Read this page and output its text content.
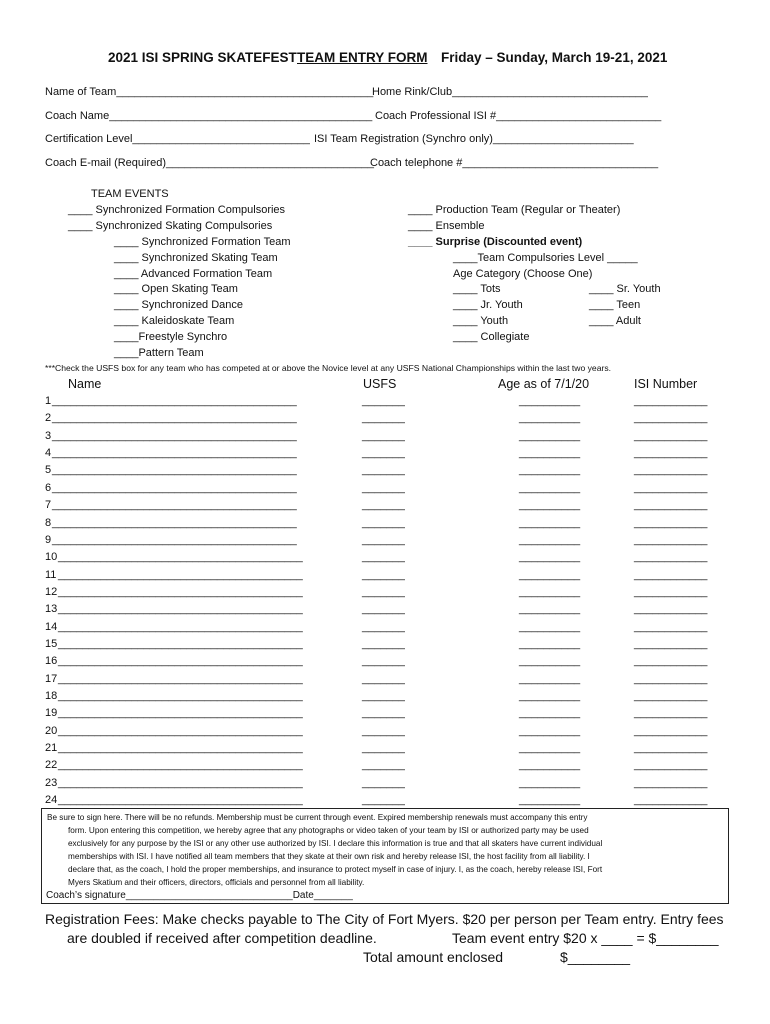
2021 ISI SPRING SKATEFEST TEAM ENTRY FORM Friday – Sunday, March 19-21, 2021
Name of Team__________________________________________
Home Rink/Club________________________________
Coach Name___________________________________________ Coach Professional ISI #___________________________
Certification Level_____________________________ ISI Team Registration (Synchro only)_______________________
Coach E-mail (Required)__________________________________
Coach telephone #________________________________
TEAM EVENTS
____ Synchronized Formation Compulsories
____ Synchronized Skating Compulsories
____ Synchronized Formation Team
____ Synchronized Skating Team
____ Advanced Formation Team
____ Open Skating Team
____ Synchronized Dance
____ Kaleidoskate Team
____Freestyle Synchro
____Pattern Team
____ Production Team (Regular or Theater)
____ Ensemble
____ Surprise (Discounted event)
____Team Compulsories Level _____
Age Category (Choose One)
____ Tots
____ Jr. Youth
____ Youth
____ Collegiate
____ Sr. Youth
____ Teen
____ Adult
***Check the USFS box for any team who has competed at or above the Novice level at any USFS National Championships within the last two years.
Name	USFS	Age as of 7/1/20	ISI Number
1 ________________________________________	_______	__________	____________
2 ________________________________________	_______	__________	____________
3 ________________________________________	_______	__________	____________
4 ________________________________________	_______	__________	____________
5 ________________________________________	_______	__________	____________
6 ________________________________________	_______	__________	____________
7 ________________________________________	_______	__________	____________
8 ________________________________________	_______	__________	____________
9 ________________________________________	_______	__________	____________
10 ________________________________________	_______	__________	____________
11 ________________________________________	_______	__________	____________
12 ________________________________________	_______	__________	____________
13 ________________________________________	_______	__________	____________
14 ________________________________________	_______	__________	____________
15 ________________________________________	_______	__________	____________
16 ________________________________________	_______	__________	____________
17 ________________________________________	_______	__________	____________
18 ________________________________________	_______	__________	____________
19 ________________________________________	_______	__________	____________
20 ________________________________________	_______	__________	____________
21 ________________________________________	_______	__________	____________
22 ________________________________________	_______	__________	____________
23 ________________________________________	_______	__________	____________
24 ________________________________________	_______	__________	____________
Be sure to sign here. There will be no refunds. Membership must be current through event. Expired membership renewals must accompany this entry
form. Upon entering this competition, we hereby agree that any photographs or video taken of your team by ISI or authorized party may be used
exclusively for any purpose by the ISI or any other use authorized by ISI. I declare this information is true and that all skaters have current individual
memberships with ISI. I have notified all team members that they skate at their own risk and hereby release ISI, the host facility from all liability. I
declare that, as the coach, I hold the proper memberships, and insurance to protect myself in case of injury. I, as the coach, hereby release ISI, Fort
Myers Skatium and their officers, directors, officials and personnel from all liability.
Coach’s signature______________________________Date_______
Registration Fees: Make checks payable to The City of Fort Myers. $20 per person per Team entry. Entry fees
are doubled if received after competition deadline.	Team event entry $20 x ____ = $________
Total amount enclosed	$________
